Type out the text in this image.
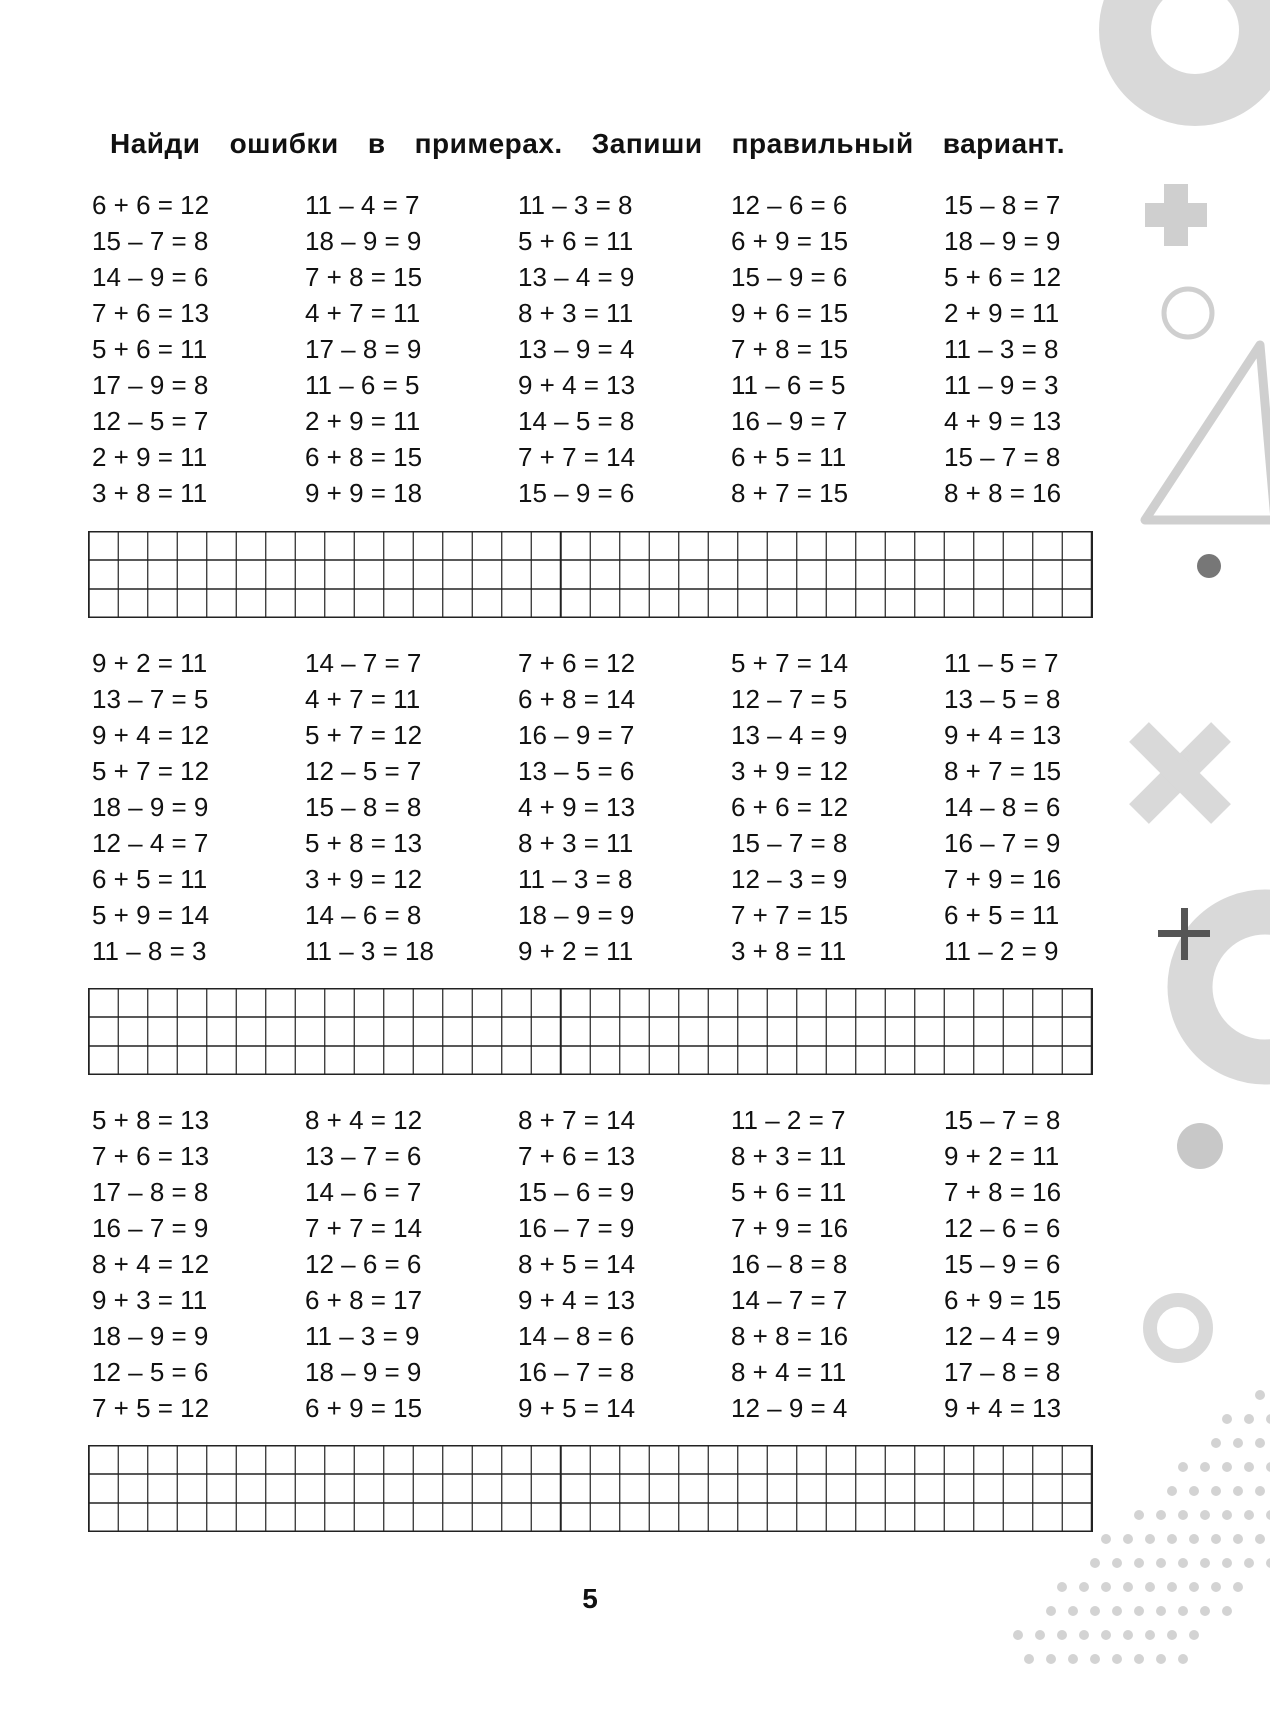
Найди ошибки в примерах. Запиши правильный вариант.
6 + 6 = 12	11 – 4 = 7	11 – 3 = 8	12 – 6 = 6	15 – 8 = 7
15 – 7 = 8	18 – 9 = 9	5 + 6 = 11	6 + 9 = 15	18 – 9 = 9
14 – 9 = 6	7 + 8 = 15	13 – 4 = 9	15 – 9 = 6	5 + 6 = 12
7 + 6 = 13	4 + 7 = 11	8 + 3 = 11	9 + 6 = 15	2 + 9 = 11
5 + 6 = 11	17 – 8 = 9	13 – 9 = 4	7 + 8 = 15	11 – 3 = 8
17 – 9 = 8	11 – 6 = 5	9 + 4 = 13	11 – 6 = 5	11 – 9 = 3
12 – 5 = 7	2 + 9 = 11	14 – 5 = 8	16 – 9 = 7	4 + 9 = 13
2 + 9 = 11	6 + 8 = 15	7 + 7 = 14	6 + 5 = 11	15 – 7 = 8
3 + 8 = 11	9 + 9 = 18	15 – 9 = 6	8 + 7 = 15	8 + 8 = 16
9 + 2 = 11	14 – 7 = 7	7 + 6 = 12	5 + 7 = 14	11 – 5 = 7
13 – 7 = 5	4 + 7 = 11	6 + 8 = 14	12 – 7 = 5	13 – 5 = 8
9 + 4 = 12	5 + 7 = 12	16 – 9 = 7	13 – 4 = 9	9 + 4 = 13
5 + 7 = 12	12 – 5 = 7	13 – 5 = 6	3 + 9 = 12	8 + 7 = 15
18 – 9 = 9	15 – 8 = 8	4 + 9 = 13	6 + 6 = 12	14 – 8 = 6
12 – 4 = 7	5 + 8 = 13	8 + 3 = 11	15 – 7 = 8	16 – 7 = 9
6 + 5 = 11	3 + 9 = 12	11 – 3 = 8	12 – 3 = 9	7 + 9 = 16
5 + 9 = 14	14 – 6 = 8	18 – 9 = 9	7 + 7 = 15	6 + 5 = 11
11 – 8 = 3	11 – 3 = 18	9 + 2 = 11	3 + 8 = 11	11 – 2 = 9
5 + 8 = 13	8 + 4 = 12	8 + 7 = 14	11 – 2 = 7	15 – 7 = 8
7 + 6 = 13	13 – 7 = 6	7 + 6 = 13	8 + 3 = 11	9 + 2 = 11
17 – 8 = 8	14 – 6 = 7	15 – 6 = 9	5 + 6 = 11	7 + 8 = 16
16 – 7 = 9	7 + 7 = 14	16 – 7 = 9	7 + 9 = 16	12 – 6 = 6
8 + 4 = 12	12 – 6 = 6	8 + 5 = 14	16 – 8 = 8	15 – 9 = 6
9 + 3 = 11	6 + 8 = 17	9 + 4 = 13	14 – 7 = 7	6 + 9 = 15
18 – 9 = 9	11 – 3 = 9	14 – 8 = 6	8 + 8 = 16	12 – 4 = 9
12 – 5 = 6	18 – 9 = 9	16 – 7 = 8	8 + 4 = 11	17 – 8 = 8
7 + 5 = 12	6 + 9 = 15	9 + 5 = 14	12 – 9 = 4	9 + 4 = 13
5
